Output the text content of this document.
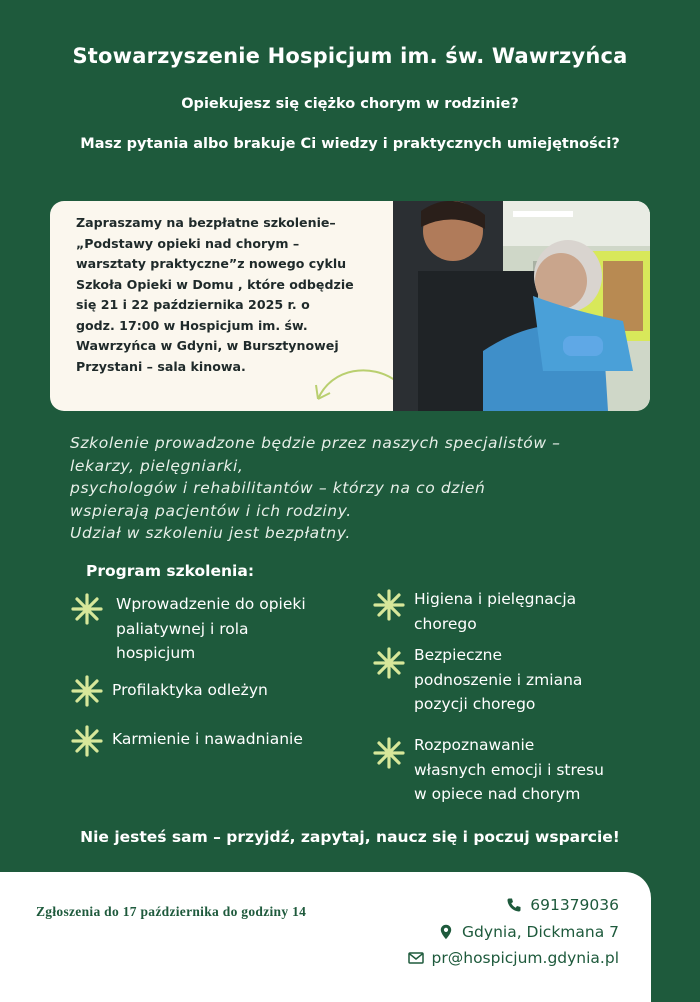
Stowarzyszenie Hospicjum im. św. Wawrzyńca
Opiekujesz się ciężko chorym w rodzinie?
Masz pytania albo brakuje Ci wiedzy i praktycznych umiejętności?
Zapraszamy na bezpłatne szkolenie–
„Podstawy opieki nad chorym –
warsztaty praktyczne”z nowego cyklu
Szkoła Opieki w Domu , które odbędzie
się 21 i 22 października 2025 r. o
godz. 17:00 w Hospicjum im. św.
Wawrzyńca w Gdyni, w Bursztynowej
Przystani – sala kinowa.
Szkolenie prowadzone będzie przez naszych specjalistów –
lekarzy, pielęgniarki,
psychologów i rehabilitantów – którzy na co dzień
wspierają pacjentów i ich rodziny.
Udział w szkoleniu jest bezpłatny.
Program szkolenia:
Wprowadzenie do opieki
paliatywnej i rola
hospicjum
Profilaktyka odleżyn
Karmienie i nawadnianie
Higiena i pielęgnacja
chorego
Bezpieczne
podnoszenie i zmiana
pozycji chorego
Rozpoznawanie
własnych emocji i stresu
w opiece nad chorym
Nie jesteś sam – przyjdź, zapytaj, naucz się i poczuj wsparcie!
Zgłoszenia do 17 października do godziny 14	691379036
Gdynia, Dickmana 7
pr@hospicjum.gdynia.pl
